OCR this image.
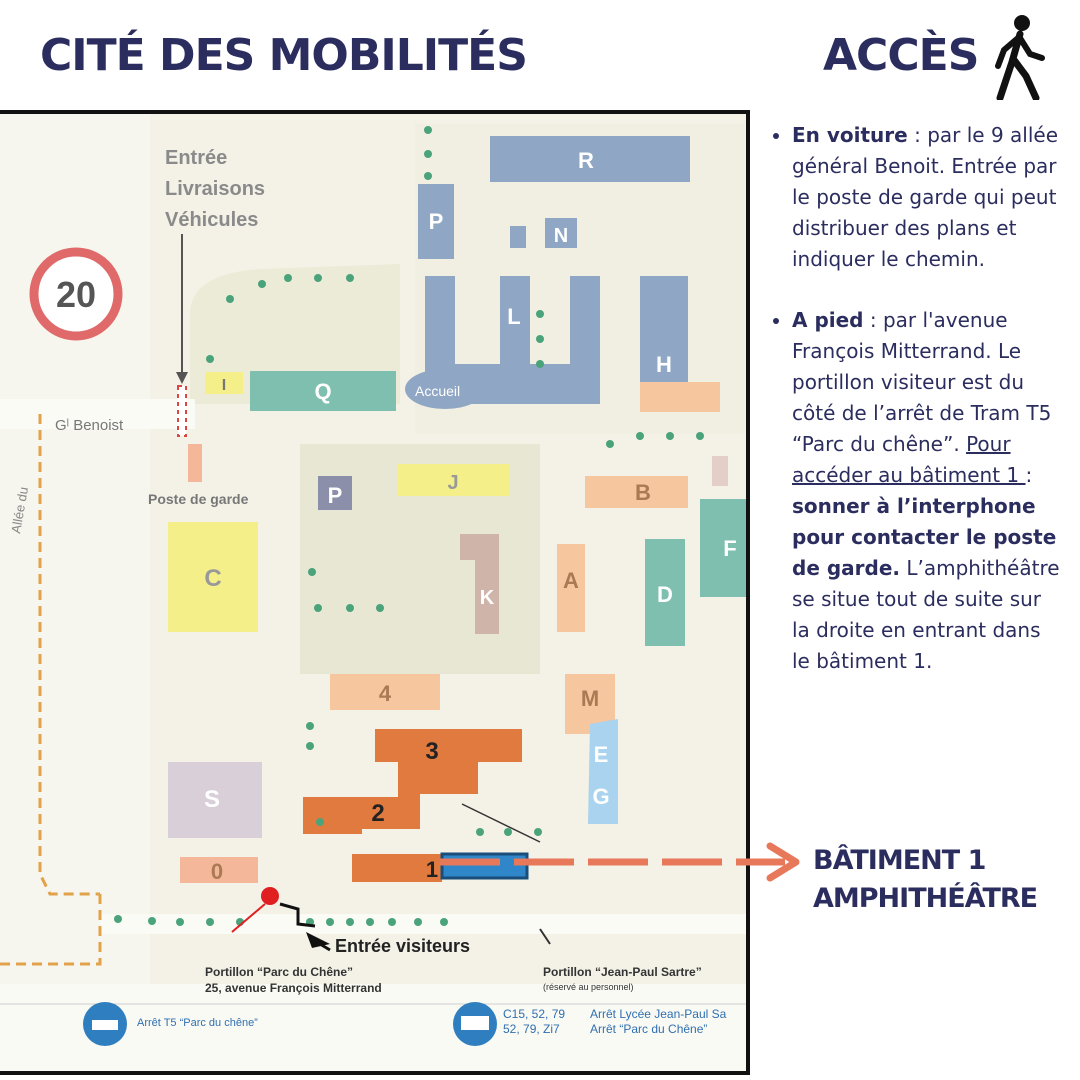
CITÉ DES MOBILITÉS	ACCÈS
Entrée
Livraisons
Véhicules
20
Gˡ Benoist
Allée du	Poste de garde
R
P
N
H
L
Accueil
Q
I
J
P	B
F
C
K
A
D
4	M
E
G
3
2
1
S
0
Entrée visiteurs
Portillon “Parc du Chêne”
25, avenue François Mitterrand
Portillon “Jean-Paul Sartre”
(réservé au personnel)
Arrêt T5 “Parc du chêne”
C15, 52, 79
52, 79, Zi7
Arrêt Lycée Jean-Paul Sa
Arrêt “Parc du Chêne”
• En voiture : par le 9 allée général Benoit. Entrée par le poste de garde qui peut distribuer des plans et indiquer le chemin.
• A pied : par l'avenue François Mitterrand. Le portillon visiteur est du côté de l’arrêt de Tram T5 “Parc du chêne”. Pour accéder au bâtiment 1 : sonner à l’interphone pour contacter le poste de garde. L’amphithéâtre se situe tout de suite sur la droite en entrant dans le bâtiment 1.
BÂTIMENT 1
AMPHITHÉÂTRE
